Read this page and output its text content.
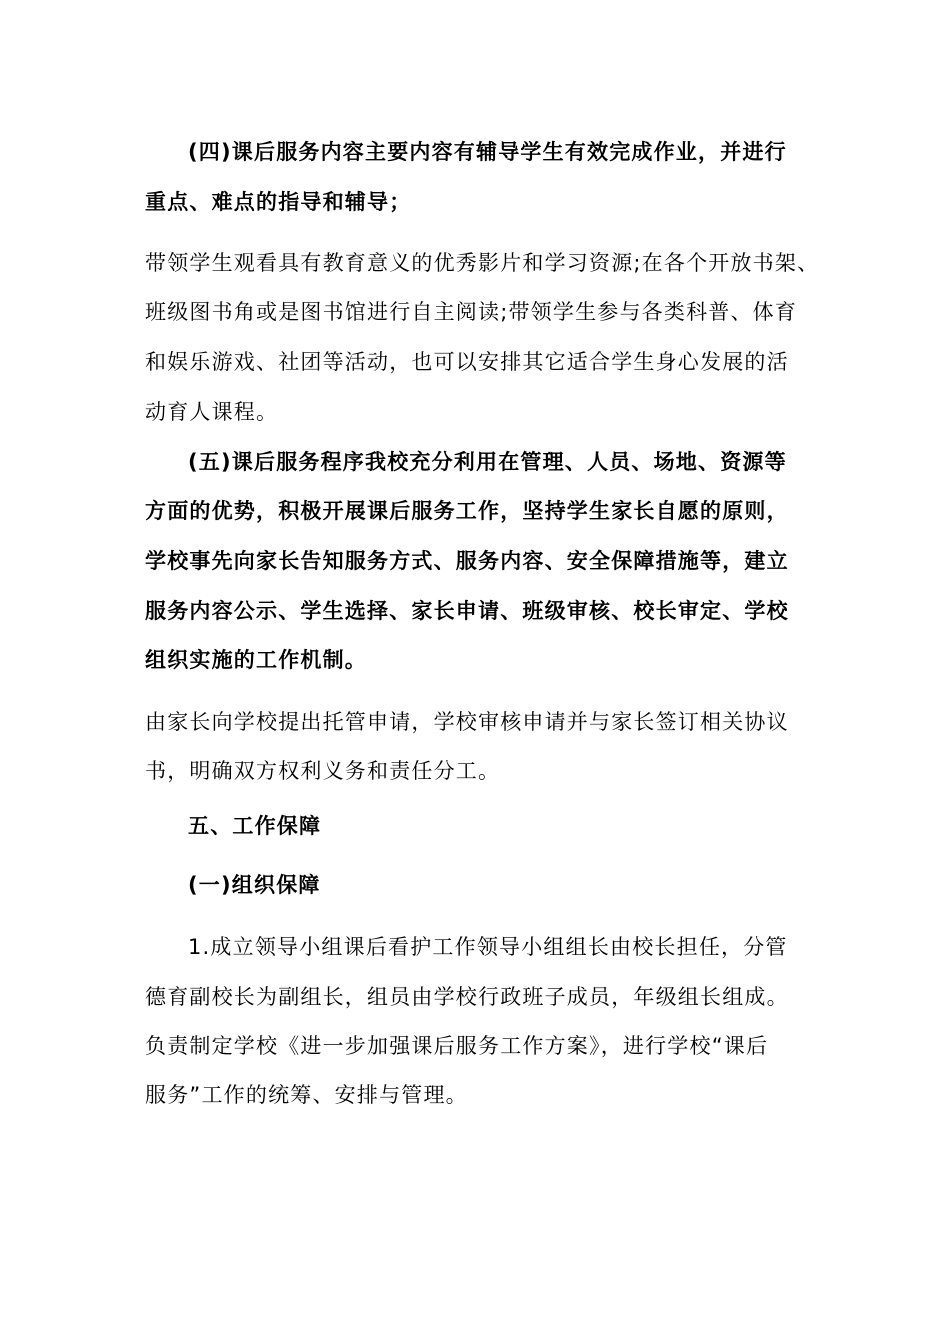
(四)课后服务内容主要内容有辅导学生有效完成作业，并进行
重点、难点的指导和辅导；
带领学生观看具有教育意义的优秀影片和学习资源;在各个开放书架、
班级图书角或是图书馆进行自主阅读;带领学生参与各类科普、体育
和娱乐游戏、社团等活动，也可以安排其它适合学生身心发展的活
动育人课程。
(五)课后服务程序我校充分利用在管理、人员、场地、资源等
方面的优势，积极开展课后服务工作，坚持学生家长自愿的原则，
学校事先向家长告知服务方式、服务内容、安全保障措施等，建立
服务内容公示、学生选择、家长申请、班级审核、校长审定、学校
组织实施的工作机制。
由家长向学校提出托管申请，学校审核申请并与家长签订相关协议
书，明确双方权利义务和责任分工。
五、工作保障
(一)组织保障
1.成立领导小组课后看护工作领导小组组长由校长担任，分管
德育副校长为副组长，组员由学校行政班子成员，年级组长组成。
负责制定学校《进一步加强课后服务工作方案》，进行学校“课后
服务”工作的统筹、安排与管理。
